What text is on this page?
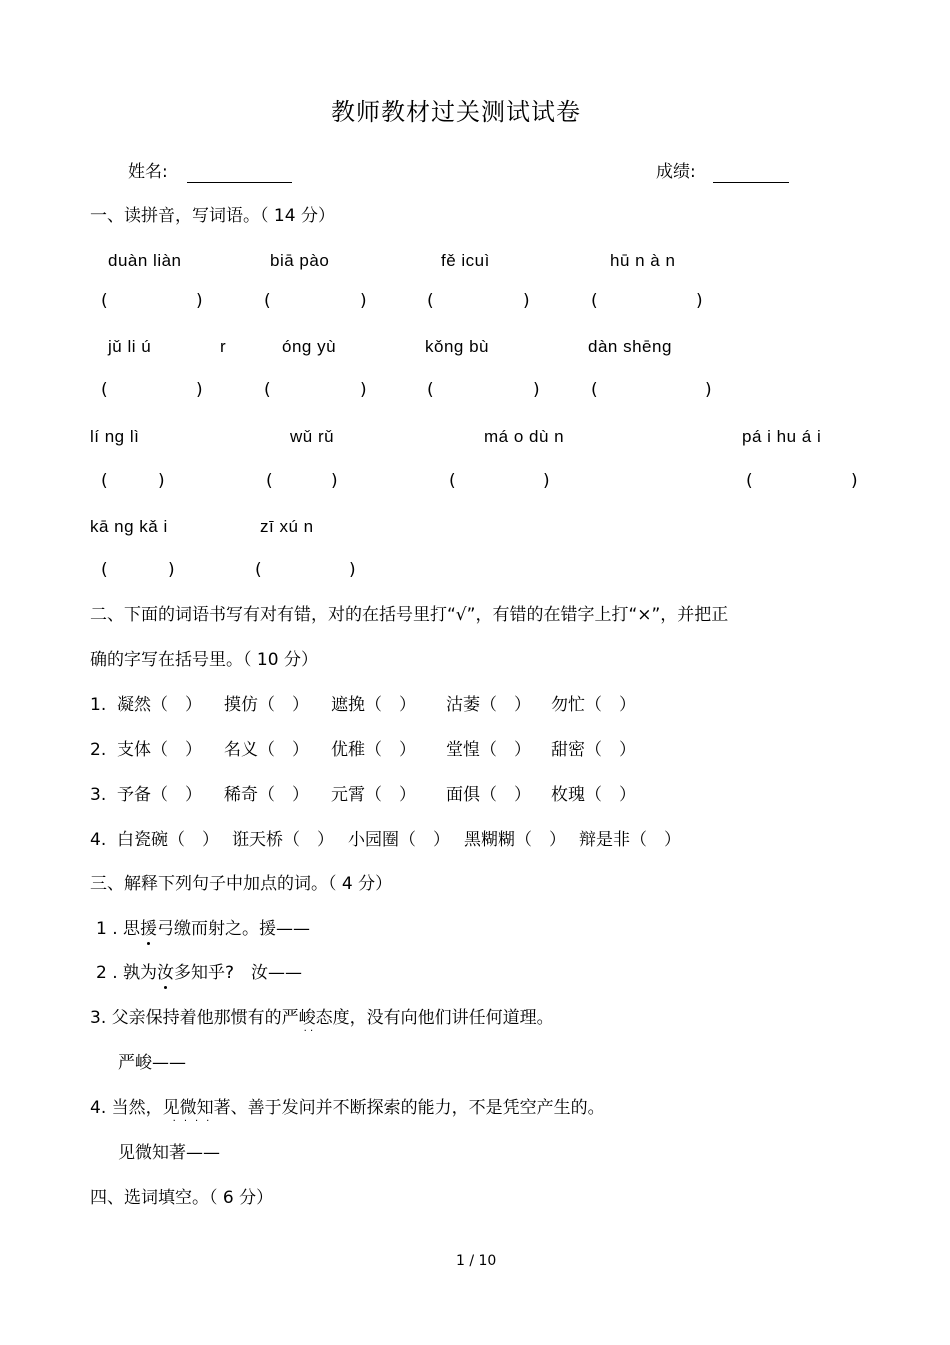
教师教材过关测试试卷
姓名:	成绩:
一、读拼音，写词语。（ 14 分）
duàn liàn	biā pào	fě icuì	hū n à n
(	)	(	)	(	)	(	)
jǔ li ú	r	óng yù	kǒng bù	dàn shēng
(	)	(	)	(	)	(	)
lí ng lì	wǔ rǔ	má o dù n	pá i hu á i
(	)	(	)	(	)	(	)
kā ng kǎ i	zī xú n
(	)	(	)
二、下面的词语书写有对有错，对的在括号里打“√”，有错的在错字上打“×”，并把正
确的字写在括号里。（ 10 分）
1. 凝然（　） 摸仿（　） 遮挽（　） 沽萎（　） 勿忙（　）
2. 支体（　） 名义（　） 优稚（　） 堂惶（　） 甜密（　）
3. 予备（　） 稀奇（　） 元霄（　） 面俱（　） 枚瑰（　）
4. 白瓷碗（　） 诳天桥（　） 小园圈（　） 黑糊糊（　） 辩是非（　）
三、解释下列句子中加点的词。（ 4 分）
1 . 思援弓缴而射之。援——
2 . 孰为汝多知乎?　汝——
3. 父亲保持着他那惯有的严峻
· ·
态度，没有向他们讲任何道理。
严峻——
4. 当然，见微知著
····
、善于发问并不断探索的能力，不是凭空产生的。
见微知著——
四、选词填空。（ 6 分）
1 / 10
